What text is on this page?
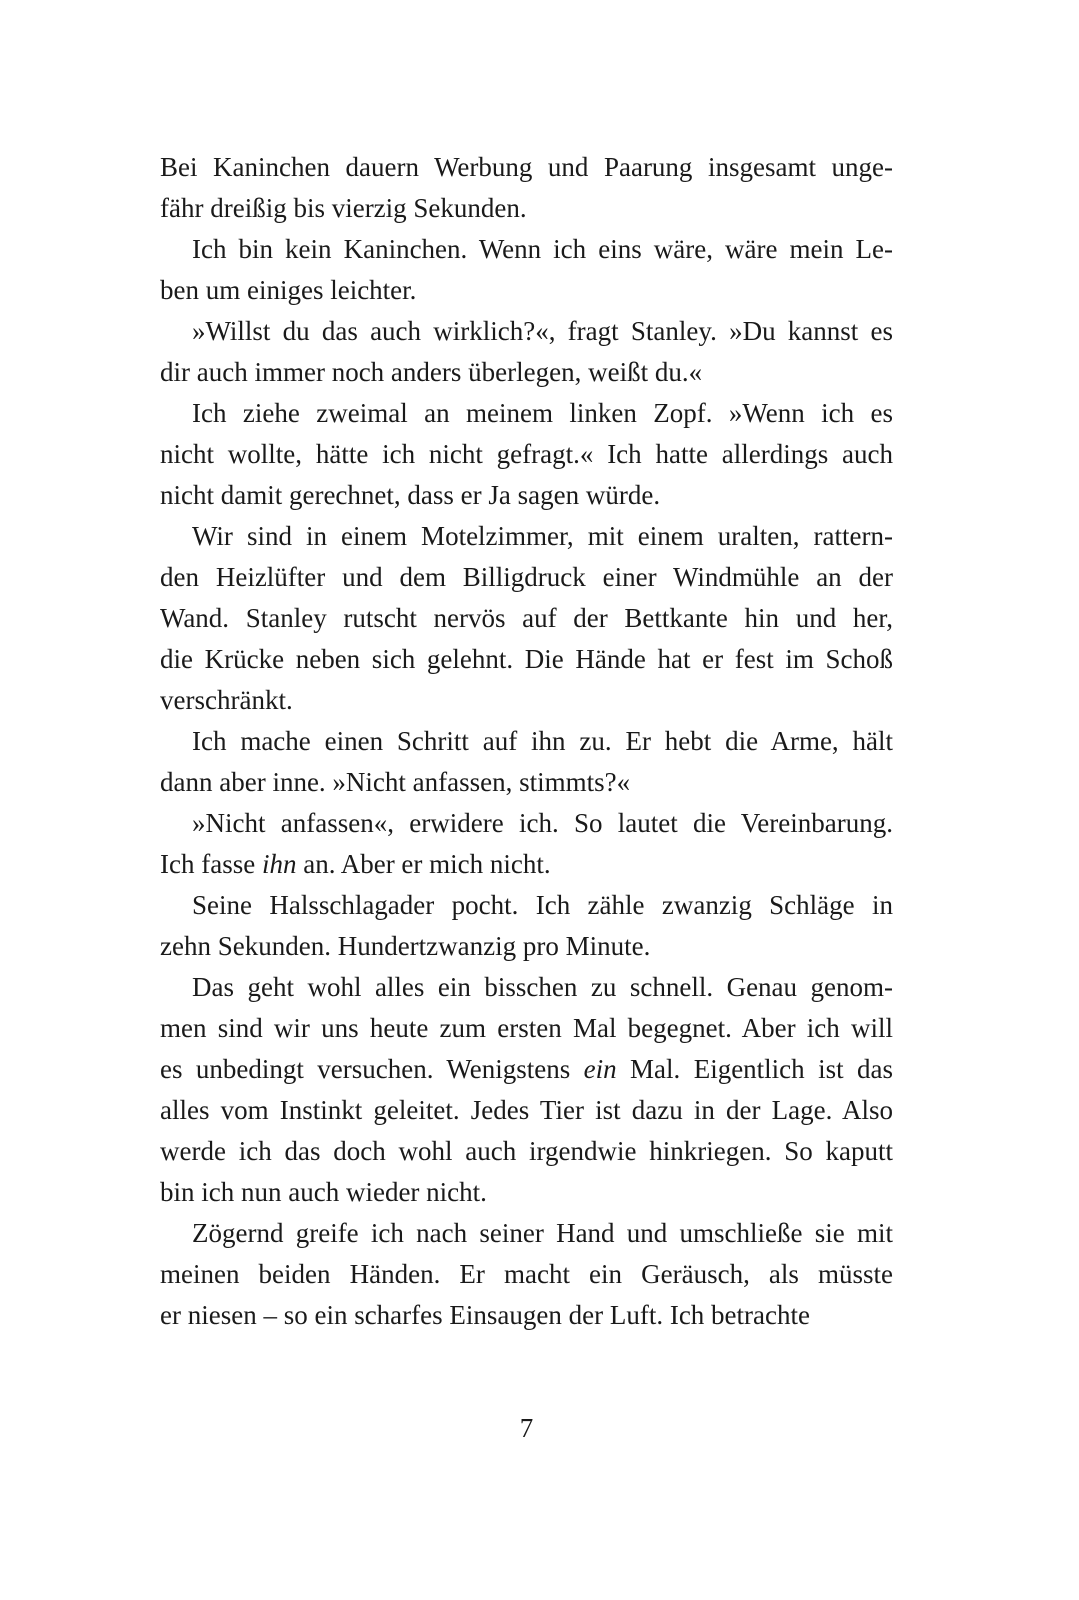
Bei Kaninchen dauern Werbung und Paarung insgesamt unge-
fähr dreißig bis vierzig Sekunden.
Ich bin kein Kaninchen. Wenn ich eins wäre, wäre mein Le-
ben um einiges leichter.
»Willst du das auch wirklich?«, fragt Stanley. »Du kannst es
dir auch immer noch anders überlegen, weißt du.«
Ich ziehe zweimal an meinem linken Zopf. »Wenn ich es
nicht wollte, hätte ich nicht gefragt.« Ich hatte allerdings auch
nicht damit gerechnet, dass er Ja sagen würde.
Wir sind in einem Motelzimmer, mit einem uralten, rattern-
den Heizlüfter und dem Billigdruck einer Windmühle an der
Wand. Stanley rutscht nervös auf der Bettkante hin und her,
die Krücke neben sich gelehnt. Die Hände hat er fest im Schoß
verschränkt.
Ich mache einen Schritt auf ihn zu. Er hebt die Arme, hält
dann aber inne. »Nicht anfassen, stimmts?«
»Nicht anfassen«, erwidere ich. So lautet die Vereinbarung.
Ich fasse ihn an. Aber er mich nicht.
Seine Halsschlagader pocht. Ich zähle zwanzig Schläge in
zehn Sekunden. Hundertzwanzig pro Minute.
Das geht wohl alles ein bisschen zu schnell. Genau genom-
men sind wir uns heute zum ersten Mal begegnet. Aber ich will
es unbedingt versuchen. Wenigstens ein Mal. Eigentlich ist das
alles vom Instinkt geleitet. Jedes Tier ist dazu in der Lage. Also
werde ich das doch wohl auch irgendwie hinkriegen. So kaputt
bin ich nun auch wieder nicht.
Zögernd greife ich nach seiner Hand und umschließe sie mit
meinen beiden Händen. Er macht ein Geräusch, als müsste
er niesen – so ein scharfes Einsaugen der Luft. Ich betrachte
7
